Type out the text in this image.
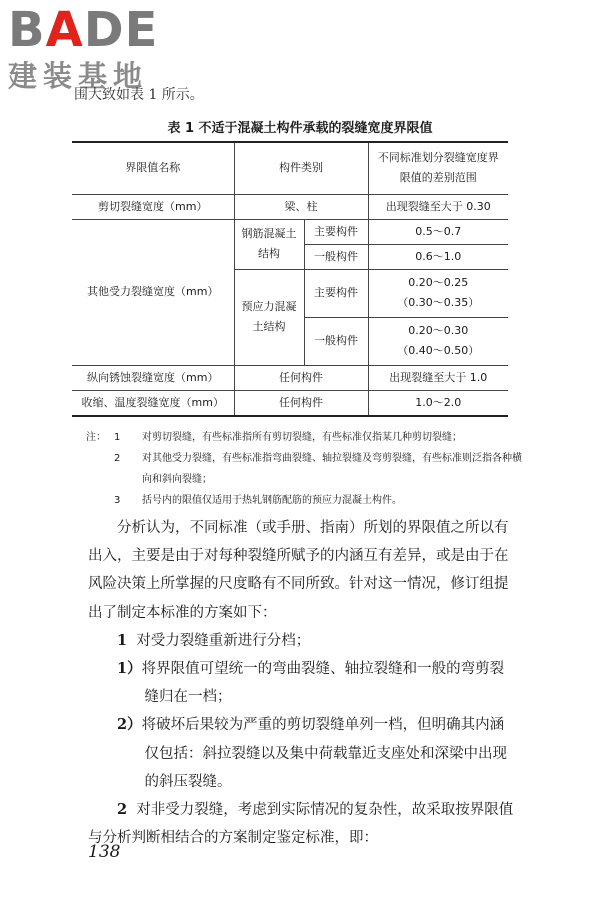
BADE
建装基地
围大致如表 1 所示。
表 1 不适于混凝土构件承载的裂缝宽度界限值
界限值名称	构件类别		不同标准划分裂缝宽度界限值的差别范围
剪切裂缝宽度（mm）	梁、柱		出现裂缝至大于 0.30
其他受力裂缝宽度（mm）	钢筋混凝土结构	主要构件	0.5～0.7
		一般构件	0.6～1.0
	预应力混凝土结构	主要构件	0.20～0.25
（0.30～0.35）

		一般构件	0.20～0.30
（0.40～0.50）

纵向锈蚀裂缝宽度（mm）	任何构件		出现裂缝至大于 1.0
收缩、温度裂缝宽度（mm）	任何构件		1.0～2.0
注： 1	对剪切裂缝，有些标准指所有剪切裂缝，有些标准仅指某几种剪切裂缝；
2	对其他受力裂缝，有些标准指弯曲裂缝、轴拉裂缝及弯剪裂缝，有些标准则泛指各种横向和斜向裂缝；
3	括号内的限值仅适用于热轧钢筋配筋的预应力混凝土构件。

分析认为，不同标准（或手册、指南）所划的界限值之所以有出入，主要是由于对每种裂缝所赋予的内涵互有差异，或是由于在风险决策上所掌握的尺度略有不同所致。针对这一情况，修订组提出了制定本标准的方案如下：

1 对受力裂缝重新进行分档；

1）将界限值可望统一的弯曲裂缝、轴拉裂缝和一般的弯剪裂缝归在一档；

2）将破坏后果较为严重的剪切裂缝单列一档，但明确其内涵仅包括：斜拉裂缝以及集中荷载靠近支座处和深梁中出现的斜压裂缝。

2 对非受力裂缝，考虑到实际情况的复杂性，故采取按界限值与分析判断相结合的方案制定鉴定标准，即：

138
